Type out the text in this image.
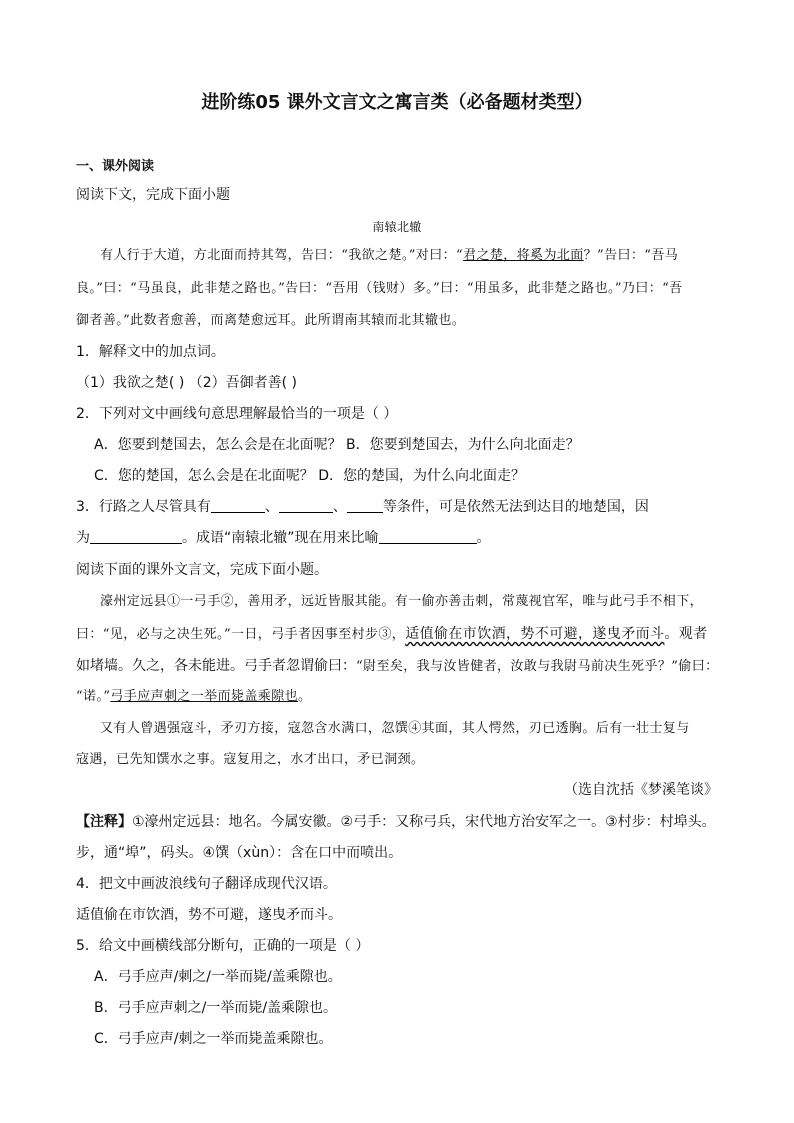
进阶练05 课外文言文之寓言类（必备题材类型）
一、课外阅读
阅读下文，完成下面小题
南辕北辙
有人行于大道，方北面而持其驾，告曰：“我欲之楚。”对曰：“君之楚，将奚为北面？”告曰：“吾马
良。”曰：“马虽良，此非楚之路也。”告曰：“吾用（钱财）多。”曰：“用虽多，此非楚之路也。”乃曰：“吾
御者善。”此数者愈善，而离楚愈远耳。此所谓南其辕而北其辙也。
1．解释文中的加点词。
（1）我欲之楚( ) （2）吾御者善( )
2．下列对文中画线句意思理解最恰当的一项是（ ）
A．您要到楚国去，怎么会是在北面呢？ B．您要到楚国去，为什么向北面走？
C．您的楚国，怎么会是在北面呢？ D．您的楚国，为什么向北面走？
3．行路之人尽管具有	、	、	等条件，可是依然无法到达目的地楚国，因
为	。成语“南辕北辙”现在用来比喻	。
阅读下面的课外文言文，完成下面小题。
濠州定远县①一弓手②，善用矛，远近皆服其能。有一偷亦善击刺，常蔑视官军，唯与此弓手不相下，
曰：“见，必与之决生死。”一日，弓手者因事至村步③，适值偷在市饮酒，势不可避，遂曳矛而斗。观者
如堵墙。久之，各未能进。弓手者忽谓偷曰：“尉至矣，我与汝皆健者，汝敢与我尉马前决生死乎？”偷曰：
“诺。”弓手应声刺之一举而毙盖乘隙也。
又有人曾遇强寇斗，矛刃方接，寇忽含水满口，忽馔④其面，其人愕然，刃已透胸。后有一壮士复与
寇遇，已先知馔水之事。寇复用之，水才出口，矛已洞颈。
（选自沈括《梦溪笔谈》
【注释】①濠州定远县：地名。今属安徽。②弓手：又称弓兵，宋代地方治安军之一。③村步：村埠头。
步，通“埠”，码头。④馔（xùn）：含在口中而喷出。
4．把文中画波浪线句子翻译成现代汉语。
适值偷在市饮酒，势不可避，遂曳矛而斗。
5．给文中画横线部分断句，正确的一项是（ ）
A．弓手应声/刺之/一举而毙/盖乘隙也。
B．弓手应声刺之/一举而毙/盖乘隙也。
C．弓手应声/刺之一举而毙盖乘隙也。
